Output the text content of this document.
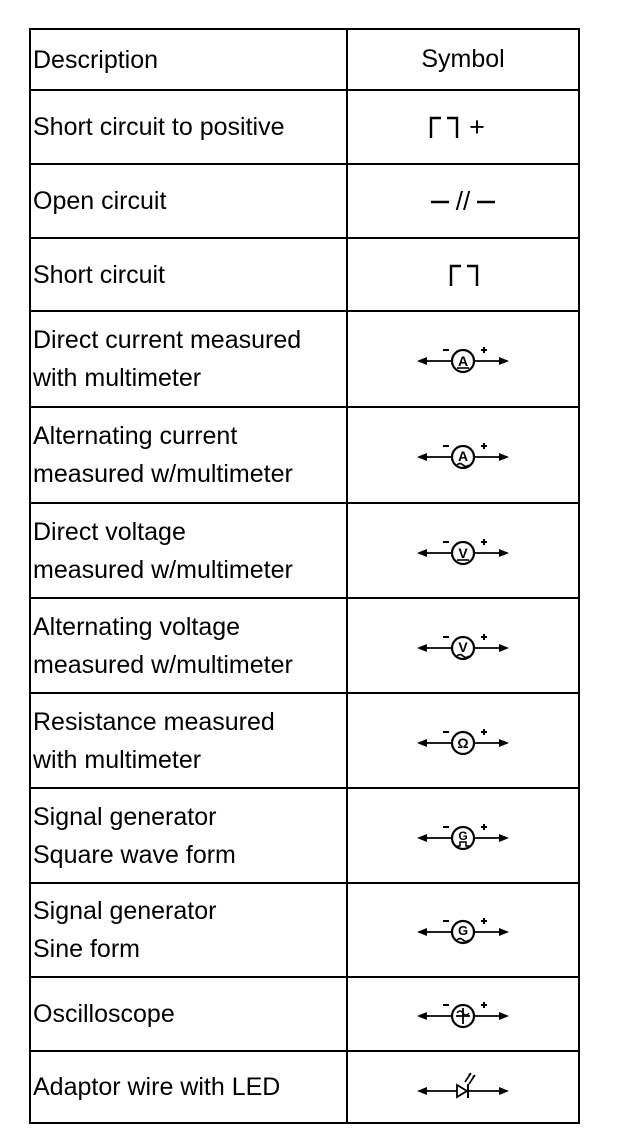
Description	Symbol

Short circuit to positive	+

Open circuit	//

Short circuit

Direct current measured
with multimeter	A

Alternating current
measured w/multimeter	A

Direct voltage
measured w/multimeter	V

Alternating voltage
measured w/multimeter	V

Resistance measured
with multimeter	Ω

Signal generator
Square wave form	G

Signal generator
Sine form	G

Oscilloscope

Adaptor wire with LED
